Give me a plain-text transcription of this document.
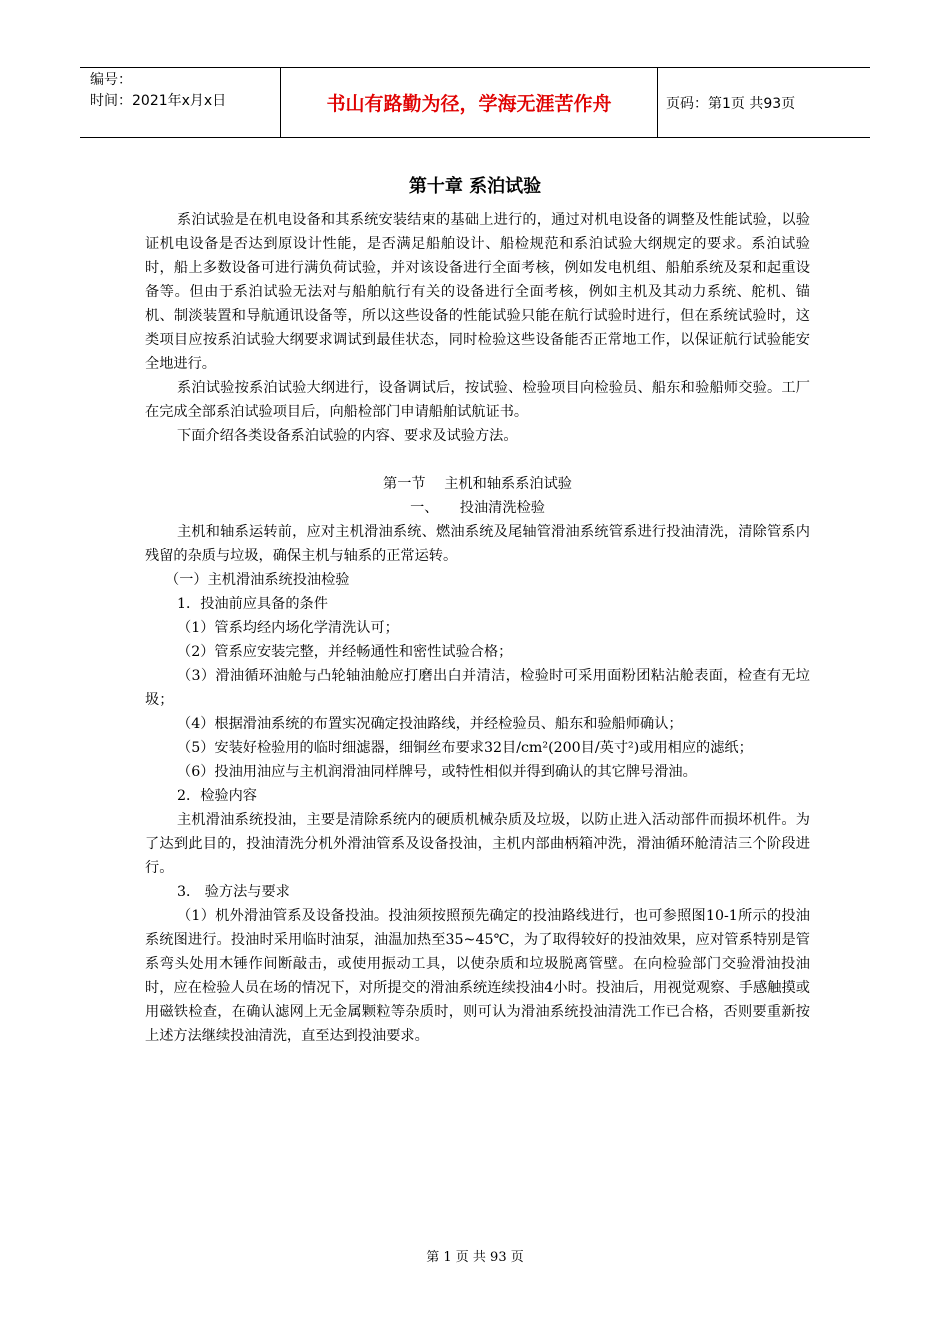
编号：
时间：2021年x月x日	书山有路勤为径，学海无涯苦作舟	页码：第1页 共93页
第十章 系泊试验

系泊试验是在机电设备和其系统安装结束的基础上进行的，通过对机电设备的调整及性能试验，以验证机电设备是否达到原设计性能，是否满足船舶设计、船检规范和系泊试验大纲规定的要求。系泊试验时，船上多数设备可进行满负荷试验，并对该设备进行全面考核，例如发电机组、船舶系统及泵和起重设备等。但由于系泊试验无法对与船舶航行有关的设备进行全面考核，例如主机及其动力系统、舵机、锚机、制淡装置和导航通讯设备等，所以这些设备的性能试验只能在航行试验时进行，但在系统试验时，这类项目应按系泊试验大纲要求调试到最佳状态，同时检验这些设备能否正常地工作，以保证航行试验能安全地进行。

系泊试验按系泊试验大纲进行，设备调试后，按试验、检验项目向检验员、船东和验船师交验。工厂在完成全部系泊试验项目后，向船检部门申请船舶试航证书。

下面介绍各类设备系泊试验的内容、要求及试验方法。

第一节　 主机和轴系系泊试验

一、　　投油清洗检验

主机和轴系运转前，应对主机滑油系统、燃油系统及尾轴管滑油系统管系进行投油清洗，清除管系内残留的杂质与垃圾，确保主机与轴系的正常运转。

（一）主机滑油系统投油检验

1．投油前应具备的条件

（1）管系均经内场化学清洗认可；

（2）管系应安装完整，并经畅通性和密性试验合格；

（3）滑油循环油舱与凸轮轴油舱应打磨出白并清洁，检验时可采用面粉团粘沾舱表面，检查有无垃圾；

（4）根据滑油系统的布置实况确定投油路线，并经检验员、船东和验船师确认；

（5）安装好检验用的临时细滤器，细铜丝布要求32目/cm²(200目/英寸²)或用相应的滤纸；

（6）投油用油应与主机润滑油同样牌号，或特性相似并得到确认的其它牌号滑油。

2．检验内容

主机滑油系统投油，主要是清除系统内的硬质机械杂质及垃圾，以防止进入活动部件而损坏机件。为了达到此目的，投油清洗分机外滑油管系及设备投油，主机内部曲柄箱冲洗，滑油循环舱清洁三个阶段进行。

3． 验方法与要求

（1）机外滑油管系及设备投油。投油须按照预先确定的投油路线进行，也可参照图10-1所示的投油系统图进行。投油时采用临时油泵，油温加热至35~45℃，为了取得较好的投油效果，应对管系特别是管系弯头处用木锤作间断敲击，或使用振动工具，以使杂质和垃圾脱离管壁。在向检验部门交验滑油投油时，应在检验人员在场的情况下，对所提交的滑油系统连续投油4小时。投油后，用视觉观察、手感触摸或用磁铁检查，在确认滤网上无金属颗粒等杂质时，则可认为滑油系统投油清洗工作已合格，否则要重新按上述方法继续投油清洗，直至达到投油要求。

第 1 页 共 93 页
